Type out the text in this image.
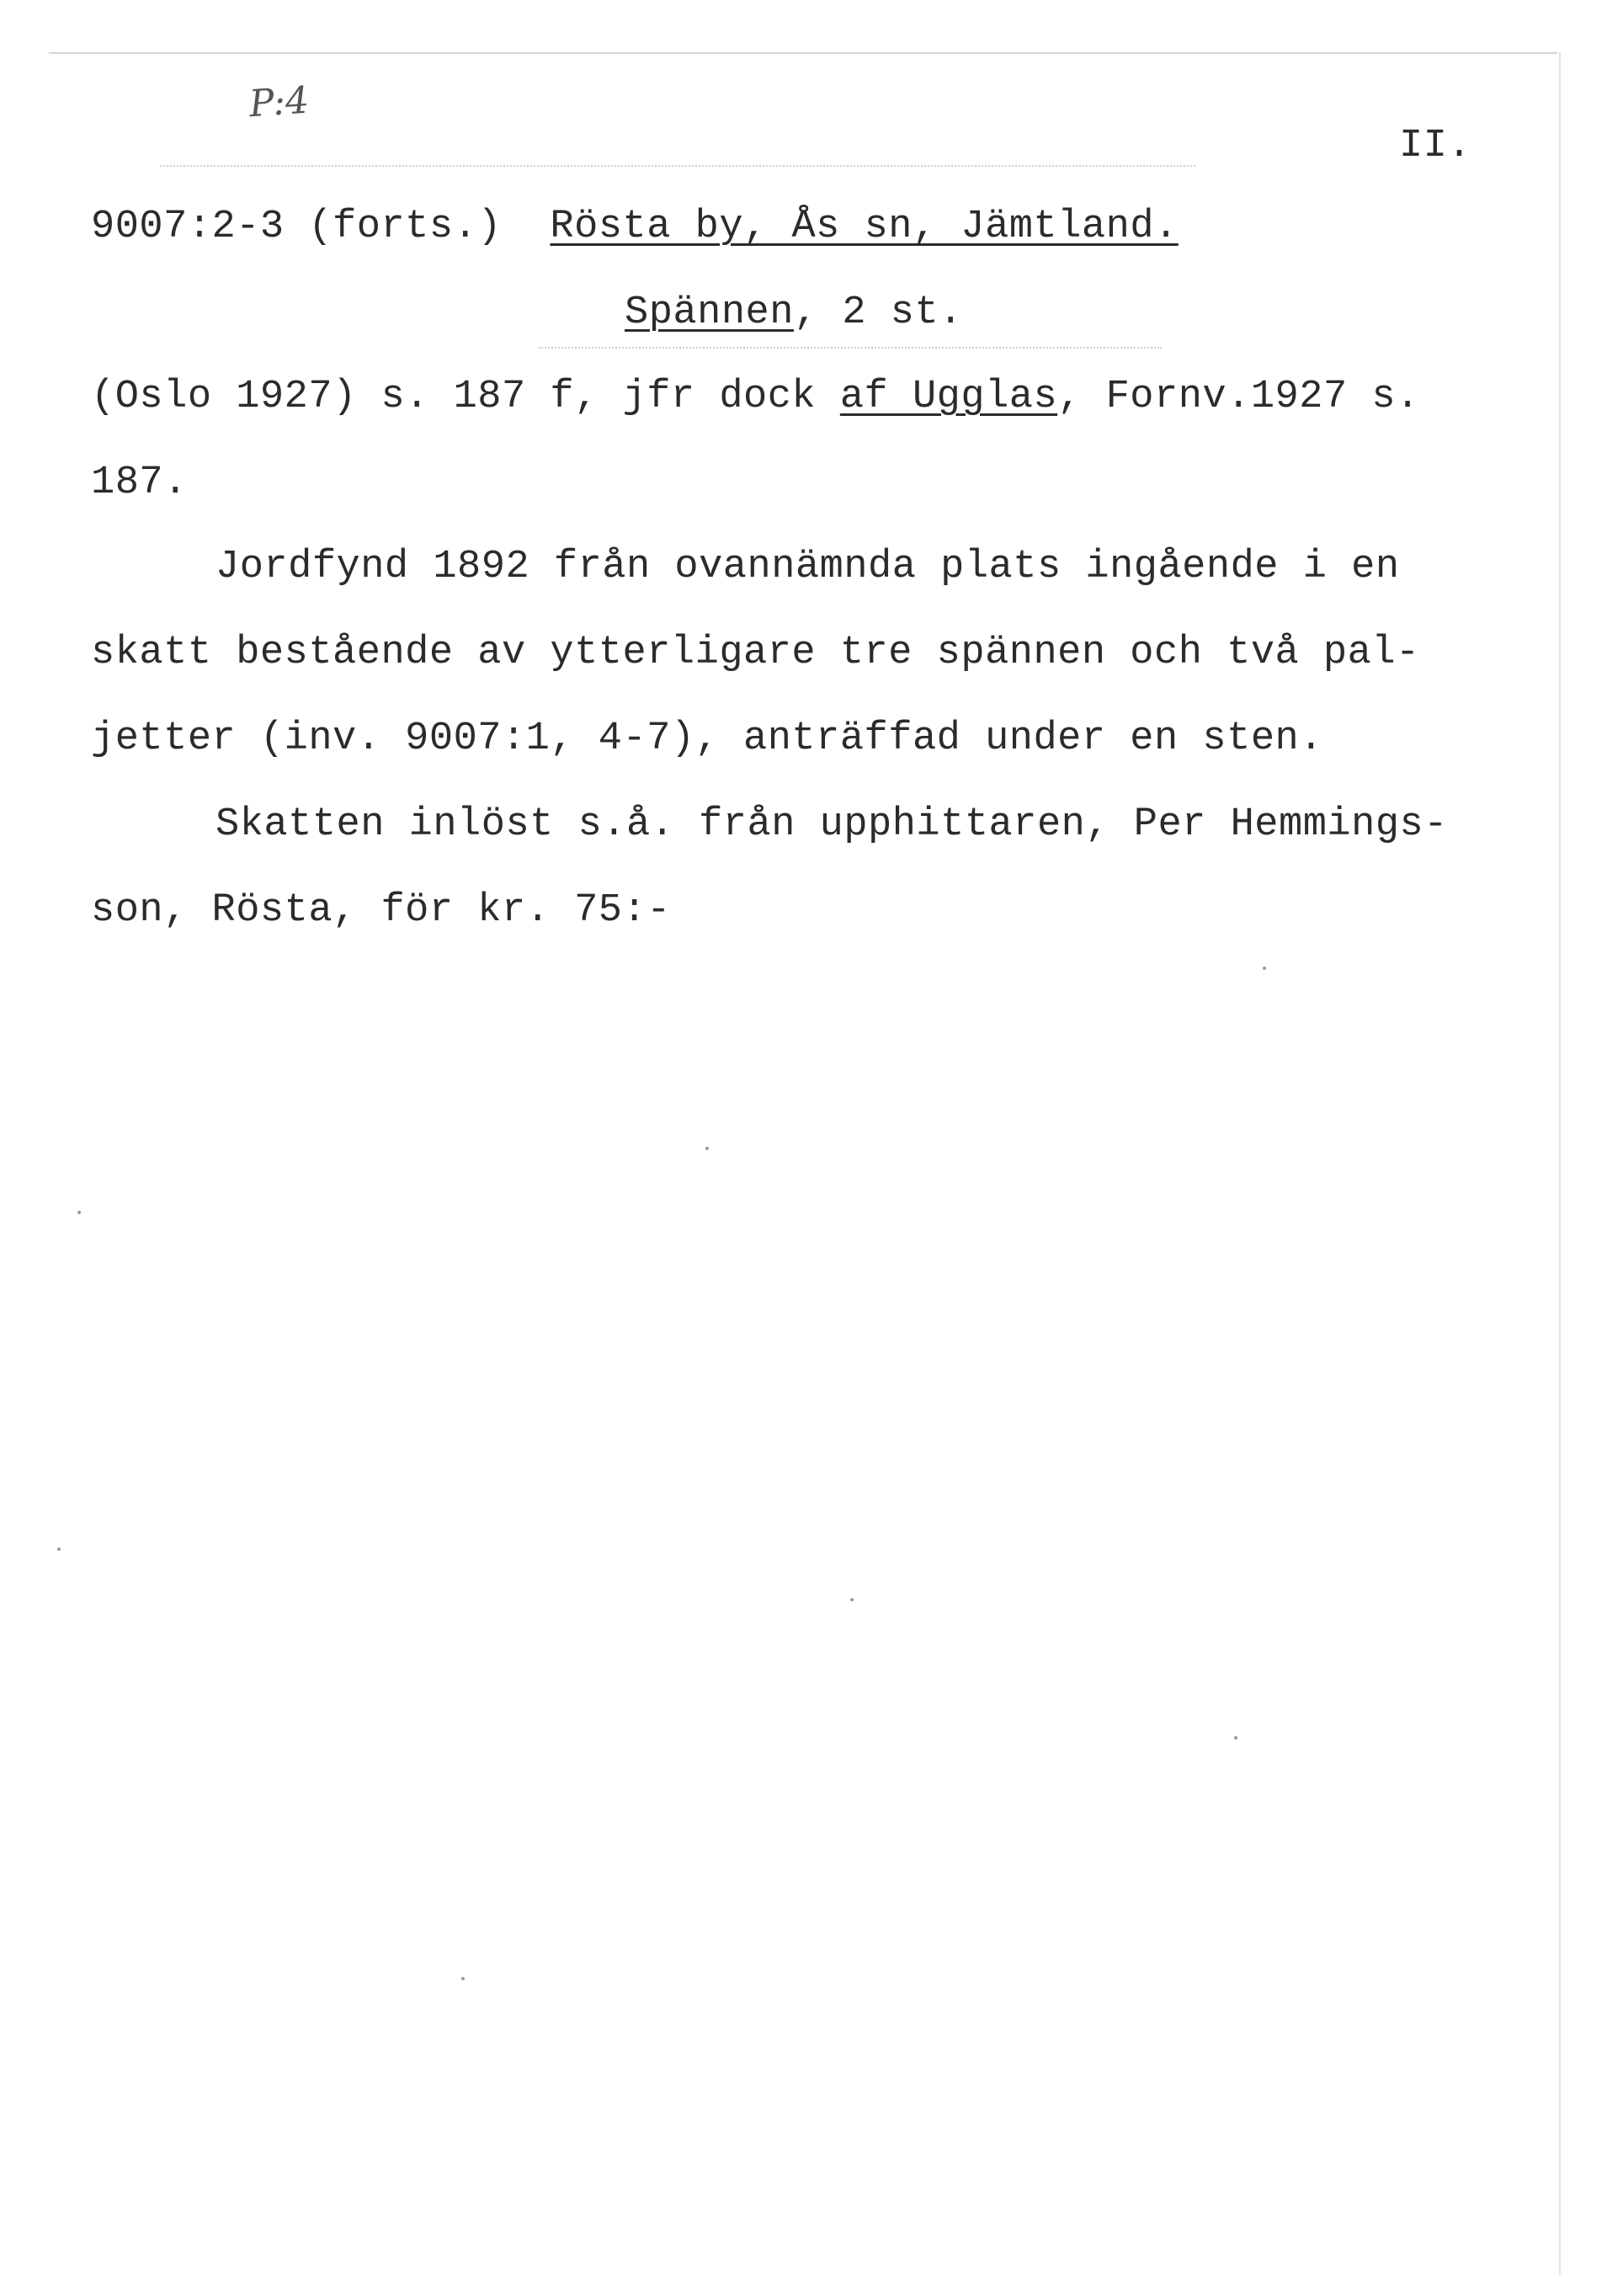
P:4
II.
9007:2-3 (forts.) Rösta by, Ås sn, Jämtland.
Spännen, 2 st.
(Oslo 1927) s. 187 f, jfr dock af Ugglas, Fornv.1927 s.
187.
Jordfynd 1892 från ovannämnda plats ingående i en
skatt bestående av ytterligare tre spännen och två pal-
jetter (inv. 9007:1, 4-7), anträffad under en sten.
Skatten inlöst s.å. från upphittaren, Per Hemmings-
son, Rösta, för kr. 75:-
